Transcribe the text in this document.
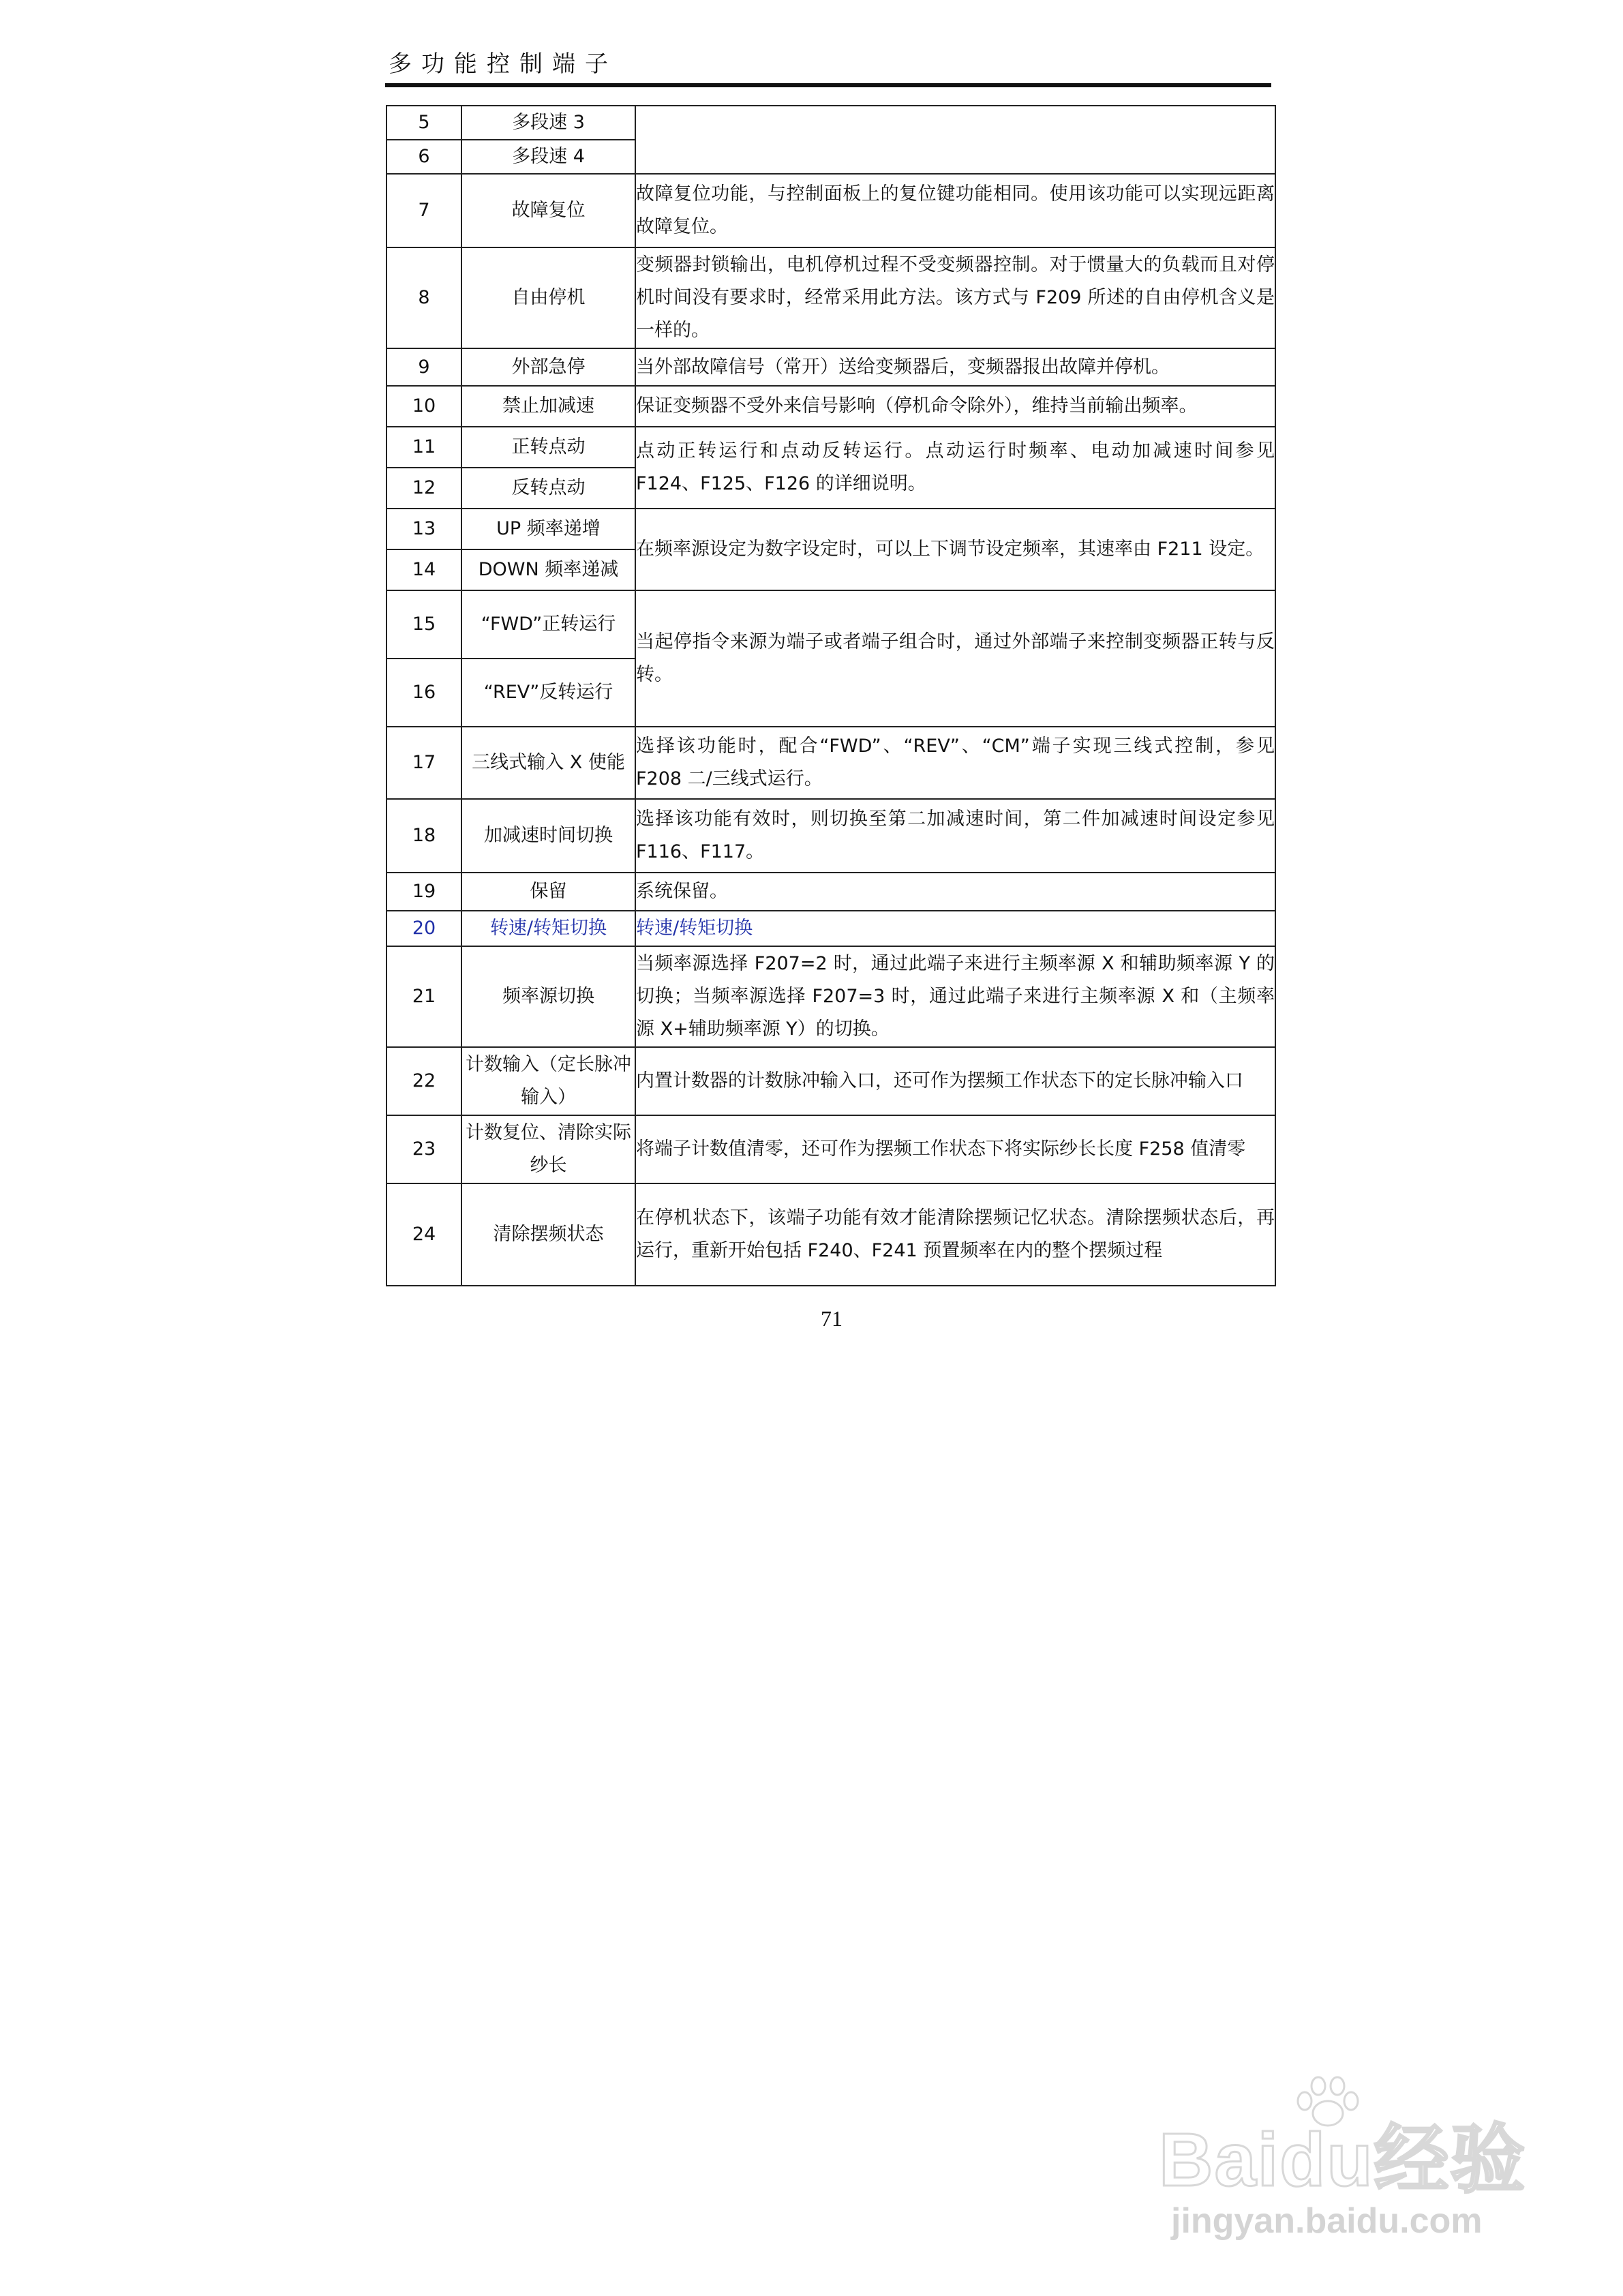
多功能控制端子
5	多段速 3	
6	多段速 4	
7	故障复位	故障复位功能，与控制面板上的复位键功能相同。使用该功能可以实现远距离故障复位。
8	自由停机	变频器封锁输出，电机停机过程不受变频器控制。对于惯量大的负载而且对停机时间没有要求时，经常采用此方法。该方式与 F209 所述的自由停机含义是一样的。
9	外部急停	当外部故障信号（常开）送给变频器后，变频器报出故障并停机。
10	禁止加减速	保证变频器不受外来信号影响（停机命令除外），维持当前输出频率。
11	正转点动	点动正转运行和点动反转运行。点动运行时频率、电动加减速时间参见 F124、F125、F126 的详细说明。
12	反转点动	
13	UP 频率递增	在频率源设定为数字设定时，可以上下调节设定频率，其速率由 F211 设定。
14	DOWN 频率递减	
15	“FWD”正转运行	当起停指令来源为端子或者端子组合时，通过外部端子来控制变频器正转与反转。
16	“REV”反转运行	
17	三线式输入 X 使能	选择该功能时，配合“FWD”、“REV”、“CM”端子实现三线式控制，参见 F208 二/三线式运行。
18	加减速时间切换	选择该功能有效时，则切换至第二加减速时间，第二件加减速时间设定参见 F116、F117。
19	保留	系统保留。
20	转速/转矩切换	转速/转矩切换
21	频率源切换	当频率源选择 F207=2 时，通过此端子来进行主频率源 X 和辅助频率源 Y 的切换；当频率源选择 F207=3 时，通过此端子来进行主频率源 X 和（主频率源 X+辅助频率源 Y）的切换。
22	计数输入（定长脉冲输入）	内置计数器的计数脉冲输入口，还可作为摆频工作状态下的定长脉冲输入口
23	计数复位、清除实际纱长	将端子计数值清零，还可作为摆频工作状态下将实际纱长长度 F258 值清零
24	清除摆频状态	在停机状态下，该端子功能有效才能清除摆频记忆状态。清除摆频状态后，再运行，重新开始包括 F240、F241 预置频率在内的整个摆频过程
71
Baidu经验
jingyan.baidu.com
